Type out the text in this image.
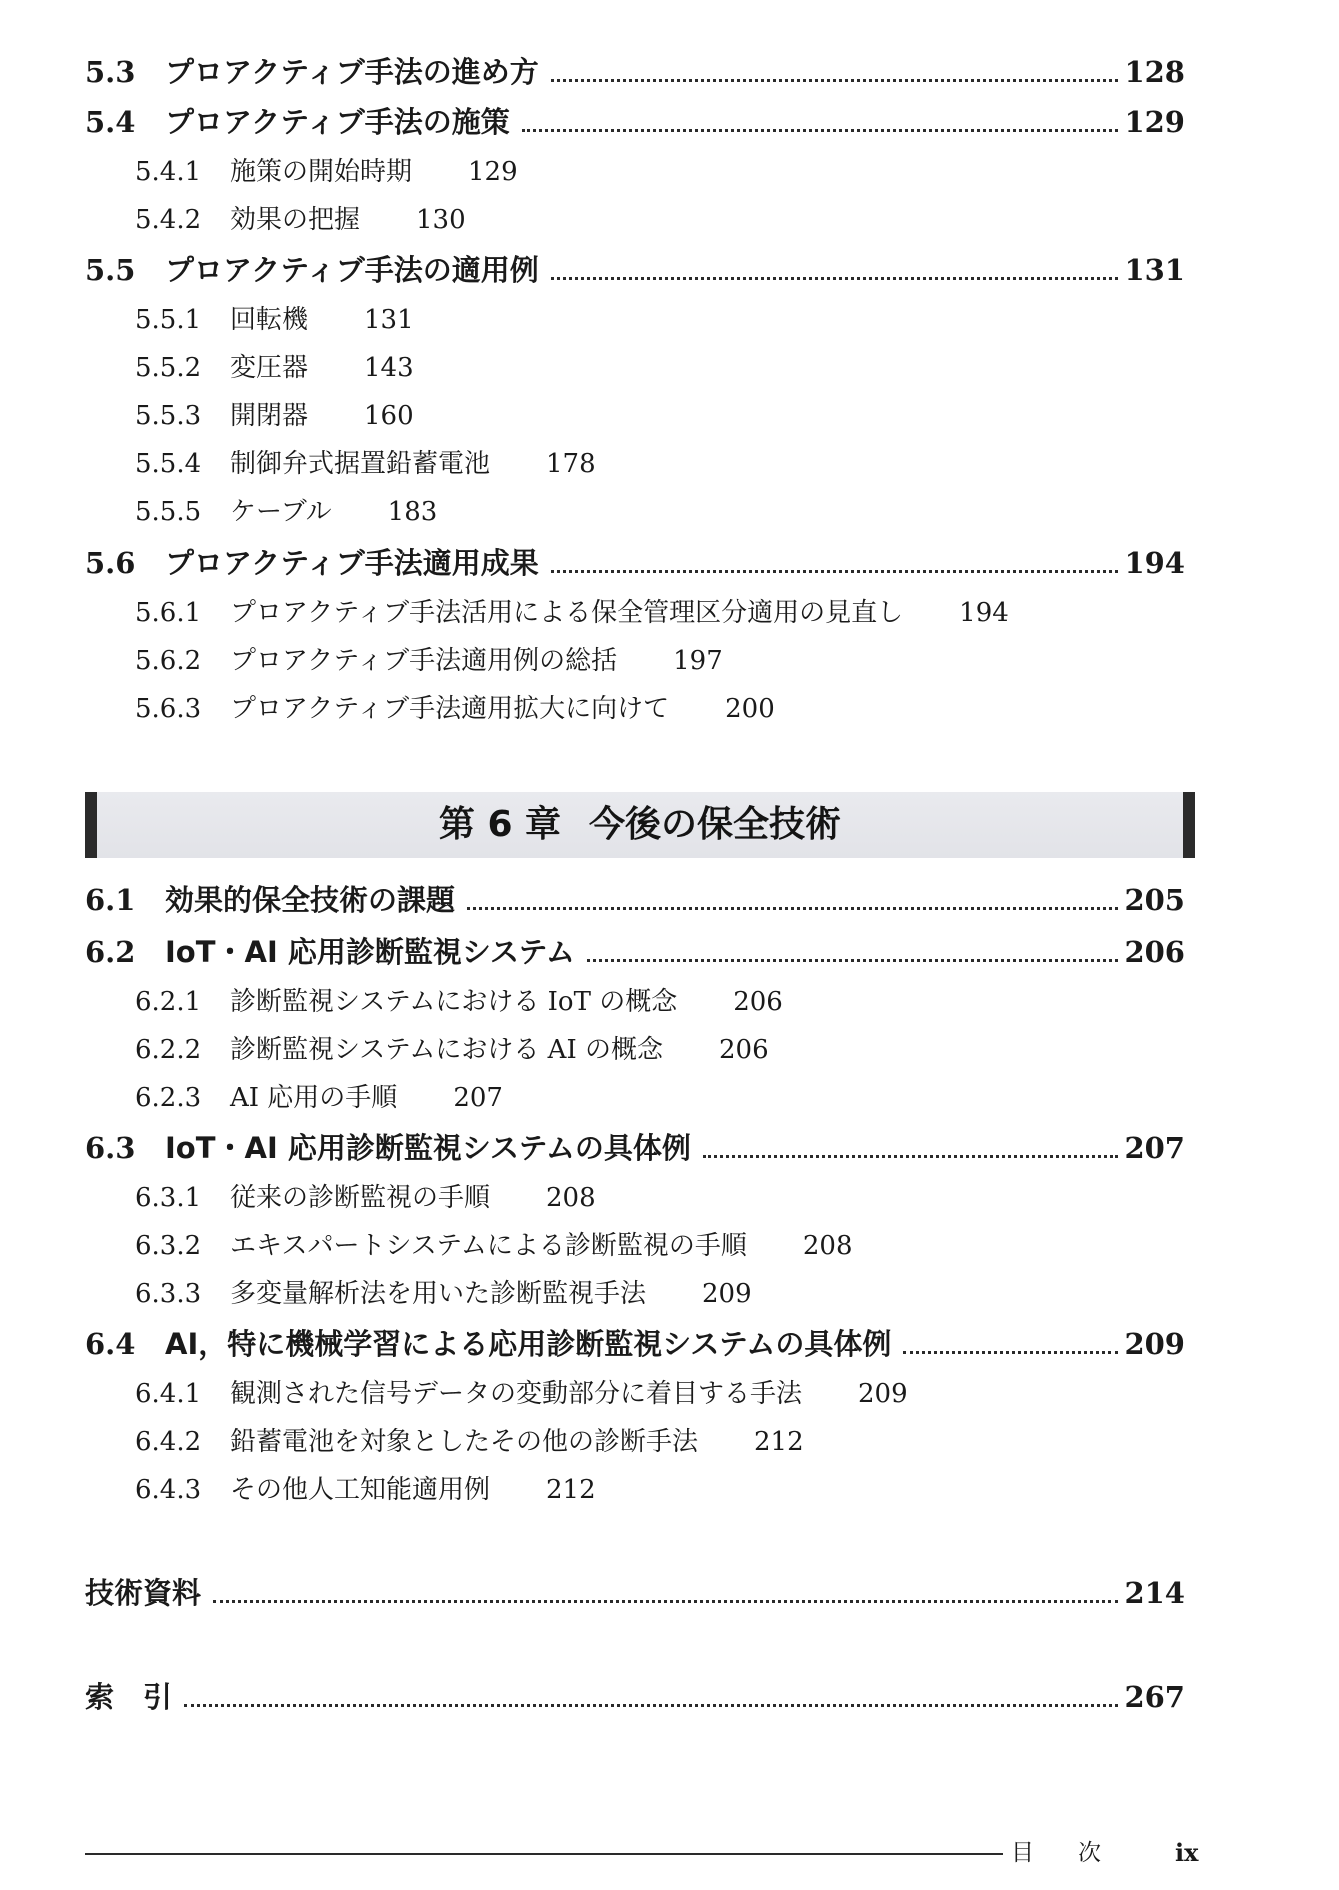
5.3	プロアクティブ手法の進め方	128
5.4	プロアクティブ手法の施策	129
5.4.1 施策の開始時期 129
5.4.2 効果の把握 130
5.5	プロアクティブ手法の適用例	131
5.5.1 回転機 131
5.5.2 変圧器 143
5.5.3 開閉器 160
5.5.4 制御弁式据置鉛蓄電池 178
5.5.5 ケーブル 183
5.6	プロアクティブ手法適用成果	194
5.6.1 プロアクティブ手法活用による保全管理区分適用の見直し 194
5.6.2 プロアクティブ手法適用例の総括 197
5.6.3 プロアクティブ手法適用拡大に向けて 200
第 6 章 今後の保全技術
6.1	効果的保全技術の課題	205
6.2	IoT・AI 応用診断監視システム	206
6.2.1 診断監視システムにおける IoT の概念 206
6.2.2 診断監視システムにおける AI の概念 206
6.2.3 AI 応用の手順 207
6.3	IoT・AI 応用診断監視システムの具体例	207
6.3.1 従来の診断監視の手順 208
6.3.2 エキスパートシステムによる診断監視の手順 208
6.3.3 多変量解析法を用いた診断監視手法 209
6.4	AI，特に機械学習による応用診断監視システムの具体例	209
6.4.1 観測された信号データの変動部分に着目する手法 209
6.4.2 鉛蓄電池を対象としたその他の診断手法 212
6.4.3 その他人工知能適用例 212
技術資料	214
索　引	267
目次 ix
